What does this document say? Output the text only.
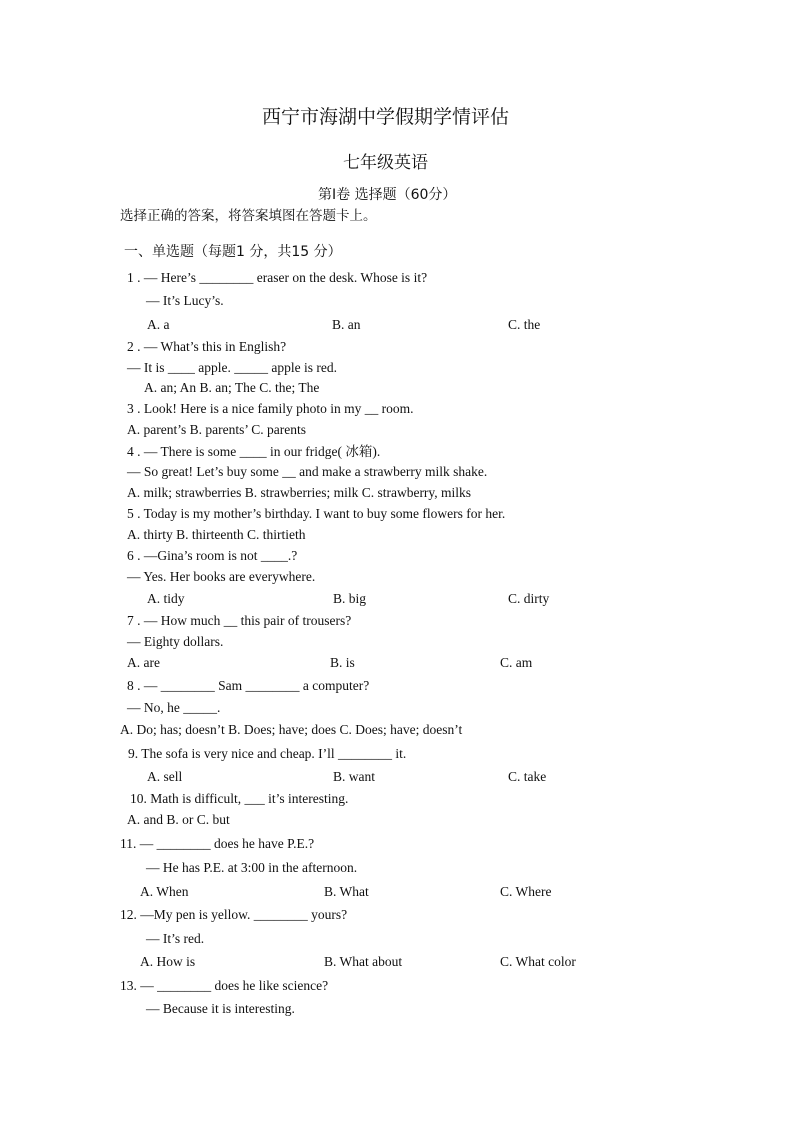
西宁市海湖中学假期学情评估
七年级英语
第Ⅰ卷 选择题（60分）
选择正确的答案，将答案填图在答题卡上。
一、单选题（每题1 分，共15 分）
1 . — Here’s ________ eraser on the desk. Whose is it?
— It’s Lucy’s.
A. a	B. an	C. the
2 . — What’s this in English?
— It is ____ apple. _____ apple is red.
A. an; An B. an; The C. the; The
3 . Look! Here is a nice family photo in my __ room.
A. parent’s B. parents’ C. parents
4 . — There is some ____ in our fridge( 冰箱).
— So great! Let’s buy some __ and make a strawberry milk shake.
A. milk; strawberries B. strawberries; milk C. strawberry, milks
5 . Today is my mother’s birthday. I want to buy some flowers for her.
A. thirty B. thirteenth C. thirtieth
6 . —Gina’s room is not ____.?
— Yes. Her books are everywhere.
A. tidy	B. big	C. dirty
7 . — How much __ this pair of trousers?
— Eighty dollars.
A. are	B. is	C. am
8 . — ________ Sam ________ a computer?
— No, he _____.
A. Do; has; doesn’t B. Does; have; does C. Does; have; doesn’t
9. The sofa is very nice and cheap. I’ll ________ it.
A. sell	B. want	C. take
10. Math is difficult, ___ it’s interesting.
A. and B. or C. but
11. — ________ does he have P.E.?
— He has P.E. at 3:00 in the afternoon.
A. When	B. What	C. Where
12. —My pen is yellow. ________ yours?
— It’s red.
A. How is	B. What about	C. What color
13. — ________ does he like science?
— Because it is interesting.
